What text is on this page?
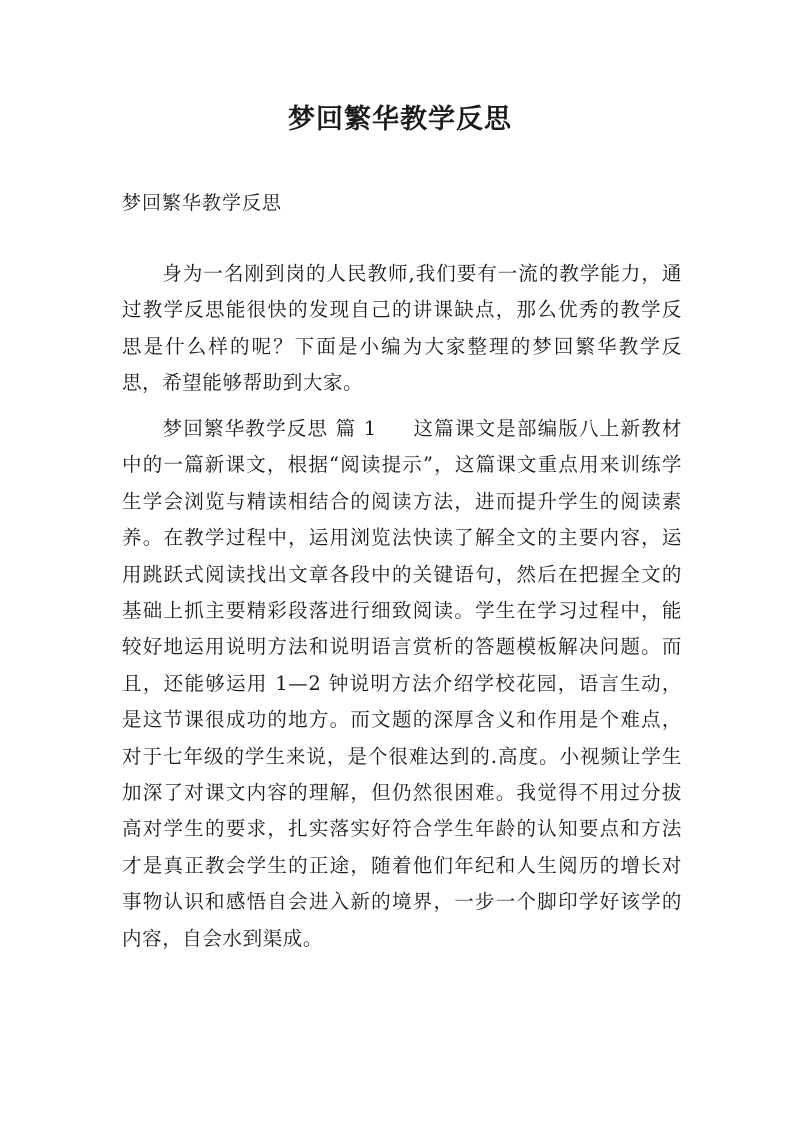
梦回繁华教学反思
梦回繁华教学反思

身为一名刚到岗的人民教师,我们要有一流的教学能力，通过教学反思能很快的发现自己的讲课缺点，那么优秀的教学反思是什么样的呢？下面是小编为大家整理的梦回繁华教学反思，希望能够帮助到大家。

梦回繁华教学反思 篇 1 这篇课文是部编版八上新教材中的一篇新课文，根据“阅读提示”，这篇课文重点用来训练学生学会浏览与精读相结合的阅读方法，进而提升学生的阅读素养。在教学过程中，运用浏览法快读了解全文的主要内容，运用跳跃式阅读找出文章各段中的关键语句，然后在把握全文的基础上抓主要精彩段落进行细致阅读。学生在学习过程中，能较好地运用说明方法和说明语言赏析的答题模板解决问题。而且，还能够运用 1—2 钟说明方法介绍学校花园，语言生动，是这节课很成功的地方。而文题的深厚含义和作用是个难点，对于七年级的学生来说，是个很难达到的.高度。小视频让学生加深了对课文内容的理解，但仍然很困难。我觉得不用过分拔高对学生的要求，扎实落实好符合学生年龄的认知要点和方法才是真正教会学生的正途，随着他们年纪和人生阅历的增长对事物认识和感悟自会进入新的境界，一步一个脚印学好该学的内容，自会水到渠成。
